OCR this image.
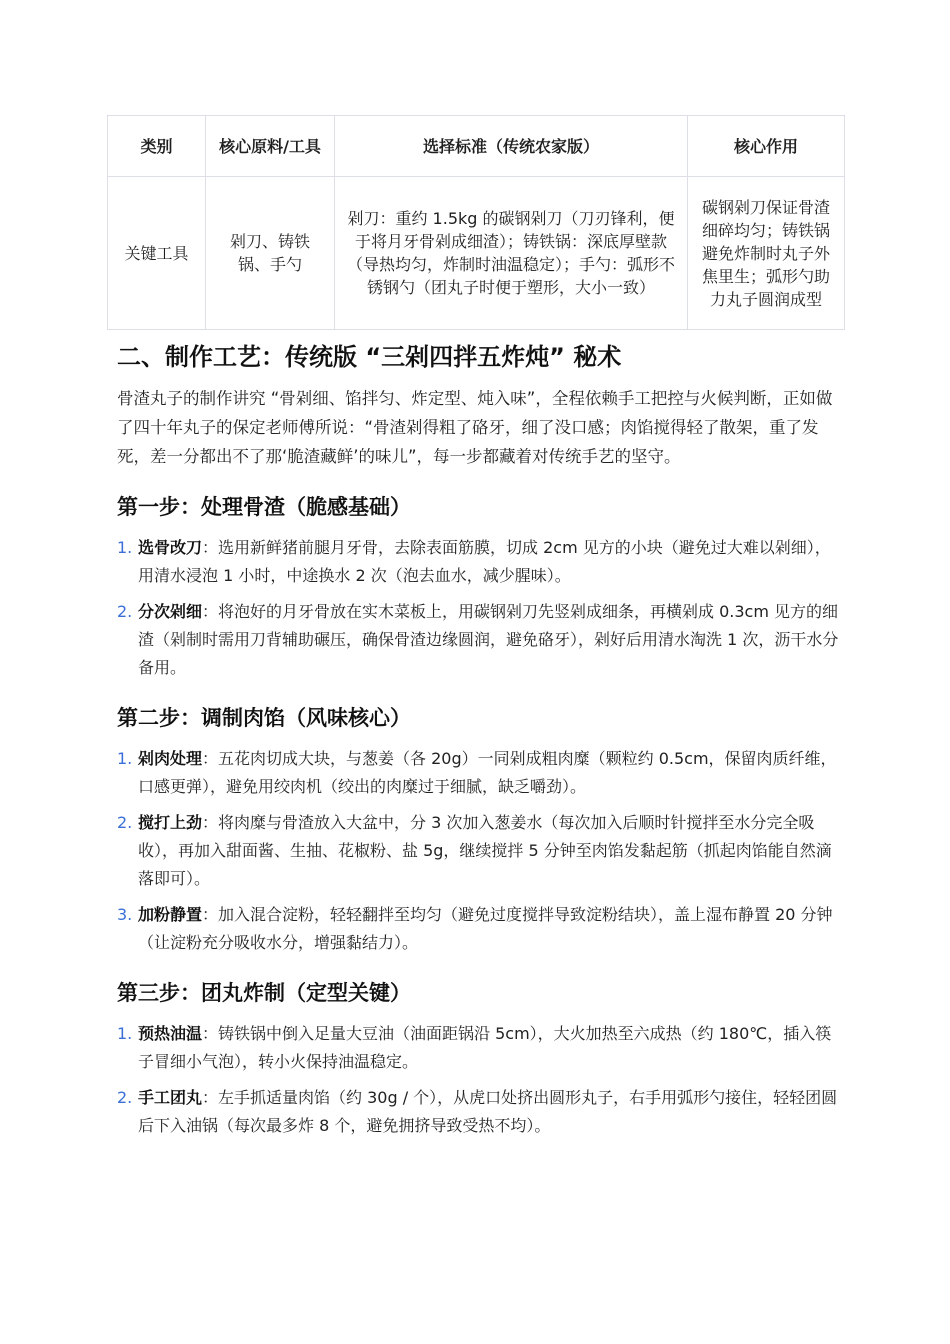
类别	核心原料/工具	选择标准（传统农家版）	核心作用
关键工具	剁刀、铸铁锅、手勺	剁刀：重约 1.5kg 的碳钢剁刀（刀刃锋利，便于将月牙骨剁成细渣）；铸铁锅：深底厚壁款（导热均匀，炸制时油温稳定）；手勺：弧形不锈钢勺（团丸子时便于塑形，大小一致）	碳钢剁刀保证骨渣细碎均匀；铸铁锅避免炸制时丸子外焦里生；弧形勺助力丸子圆润成型
二、制作工艺：传统版 “三剁四拌五炸炖” 秘术

骨渣丸子的制作讲究 “骨剁细、馅拌匀、炸定型、炖入味”，全程依赖手工把控与火候判断，正如做了四十年丸子的保定老师傅所说：“骨渣剁得粗了硌牙，细了没口感；肉馅搅得轻了散架，重了发死，差一分都出不了那‘脆渣藏鲜’的味儿”，每一步都藏着对传统手艺的坚守。

第一步：处理骨渣（脆感基础）
1. 选骨改刀：选用新鲜猪前腿月牙骨，去除表面筋膜，切成 2cm 见方的小块（避免过大难以剁细），用清水浸泡 1 小时，中途换水 2 次（泡去血水，减少腥味）。
2. 分次剁细：将泡好的月牙骨放在实木菜板上，用碳钢剁刀先竖剁成细条，再横剁成 0.3cm 见方的细渣（剁制时需用刀背辅助碾压，确保骨渣边缘圆润，避免硌牙），剁好后用清水淘洗 1 次，沥干水分备用。
第二步：调制肉馅（风味核心）
1. 剁肉处理：五花肉切成大块，与葱姜（各 20g）一同剁成粗肉糜（颗粒约 0.5cm，保留肉质纤维，口感更弹），避免用绞肉机（绞出的肉糜过于细腻，缺乏嚼劲）。
2. 搅打上劲：将肉糜与骨渣放入大盆中，分 3 次加入葱姜水（每次加入后顺时针搅拌至水分完全吸收），再加入甜面酱、生抽、花椒粉、盐 5g，继续搅拌 5 分钟至肉馅发黏起筋（抓起肉馅能自然滴落即可）。
3. 加粉静置：加入混合淀粉，轻轻翻拌至均匀（避免过度搅拌导致淀粉结块），盖上湿布静置 20 分钟（让淀粉充分吸收水分，增强黏结力）。
第三步：团丸炸制（定型关键）
1. 预热油温：铸铁锅中倒入足量大豆油（油面距锅沿 5cm），大火加热至六成热（约 180℃，插入筷子冒细小气泡），转小火保持油温稳定。
2. 手工团丸：左手抓适量肉馅（约 30g / 个），从虎口处挤出圆形丸子，右手用弧形勺接住，轻轻团圆后下入油锅（每次最多炸 8 个，避免拥挤导致受热不均）。
